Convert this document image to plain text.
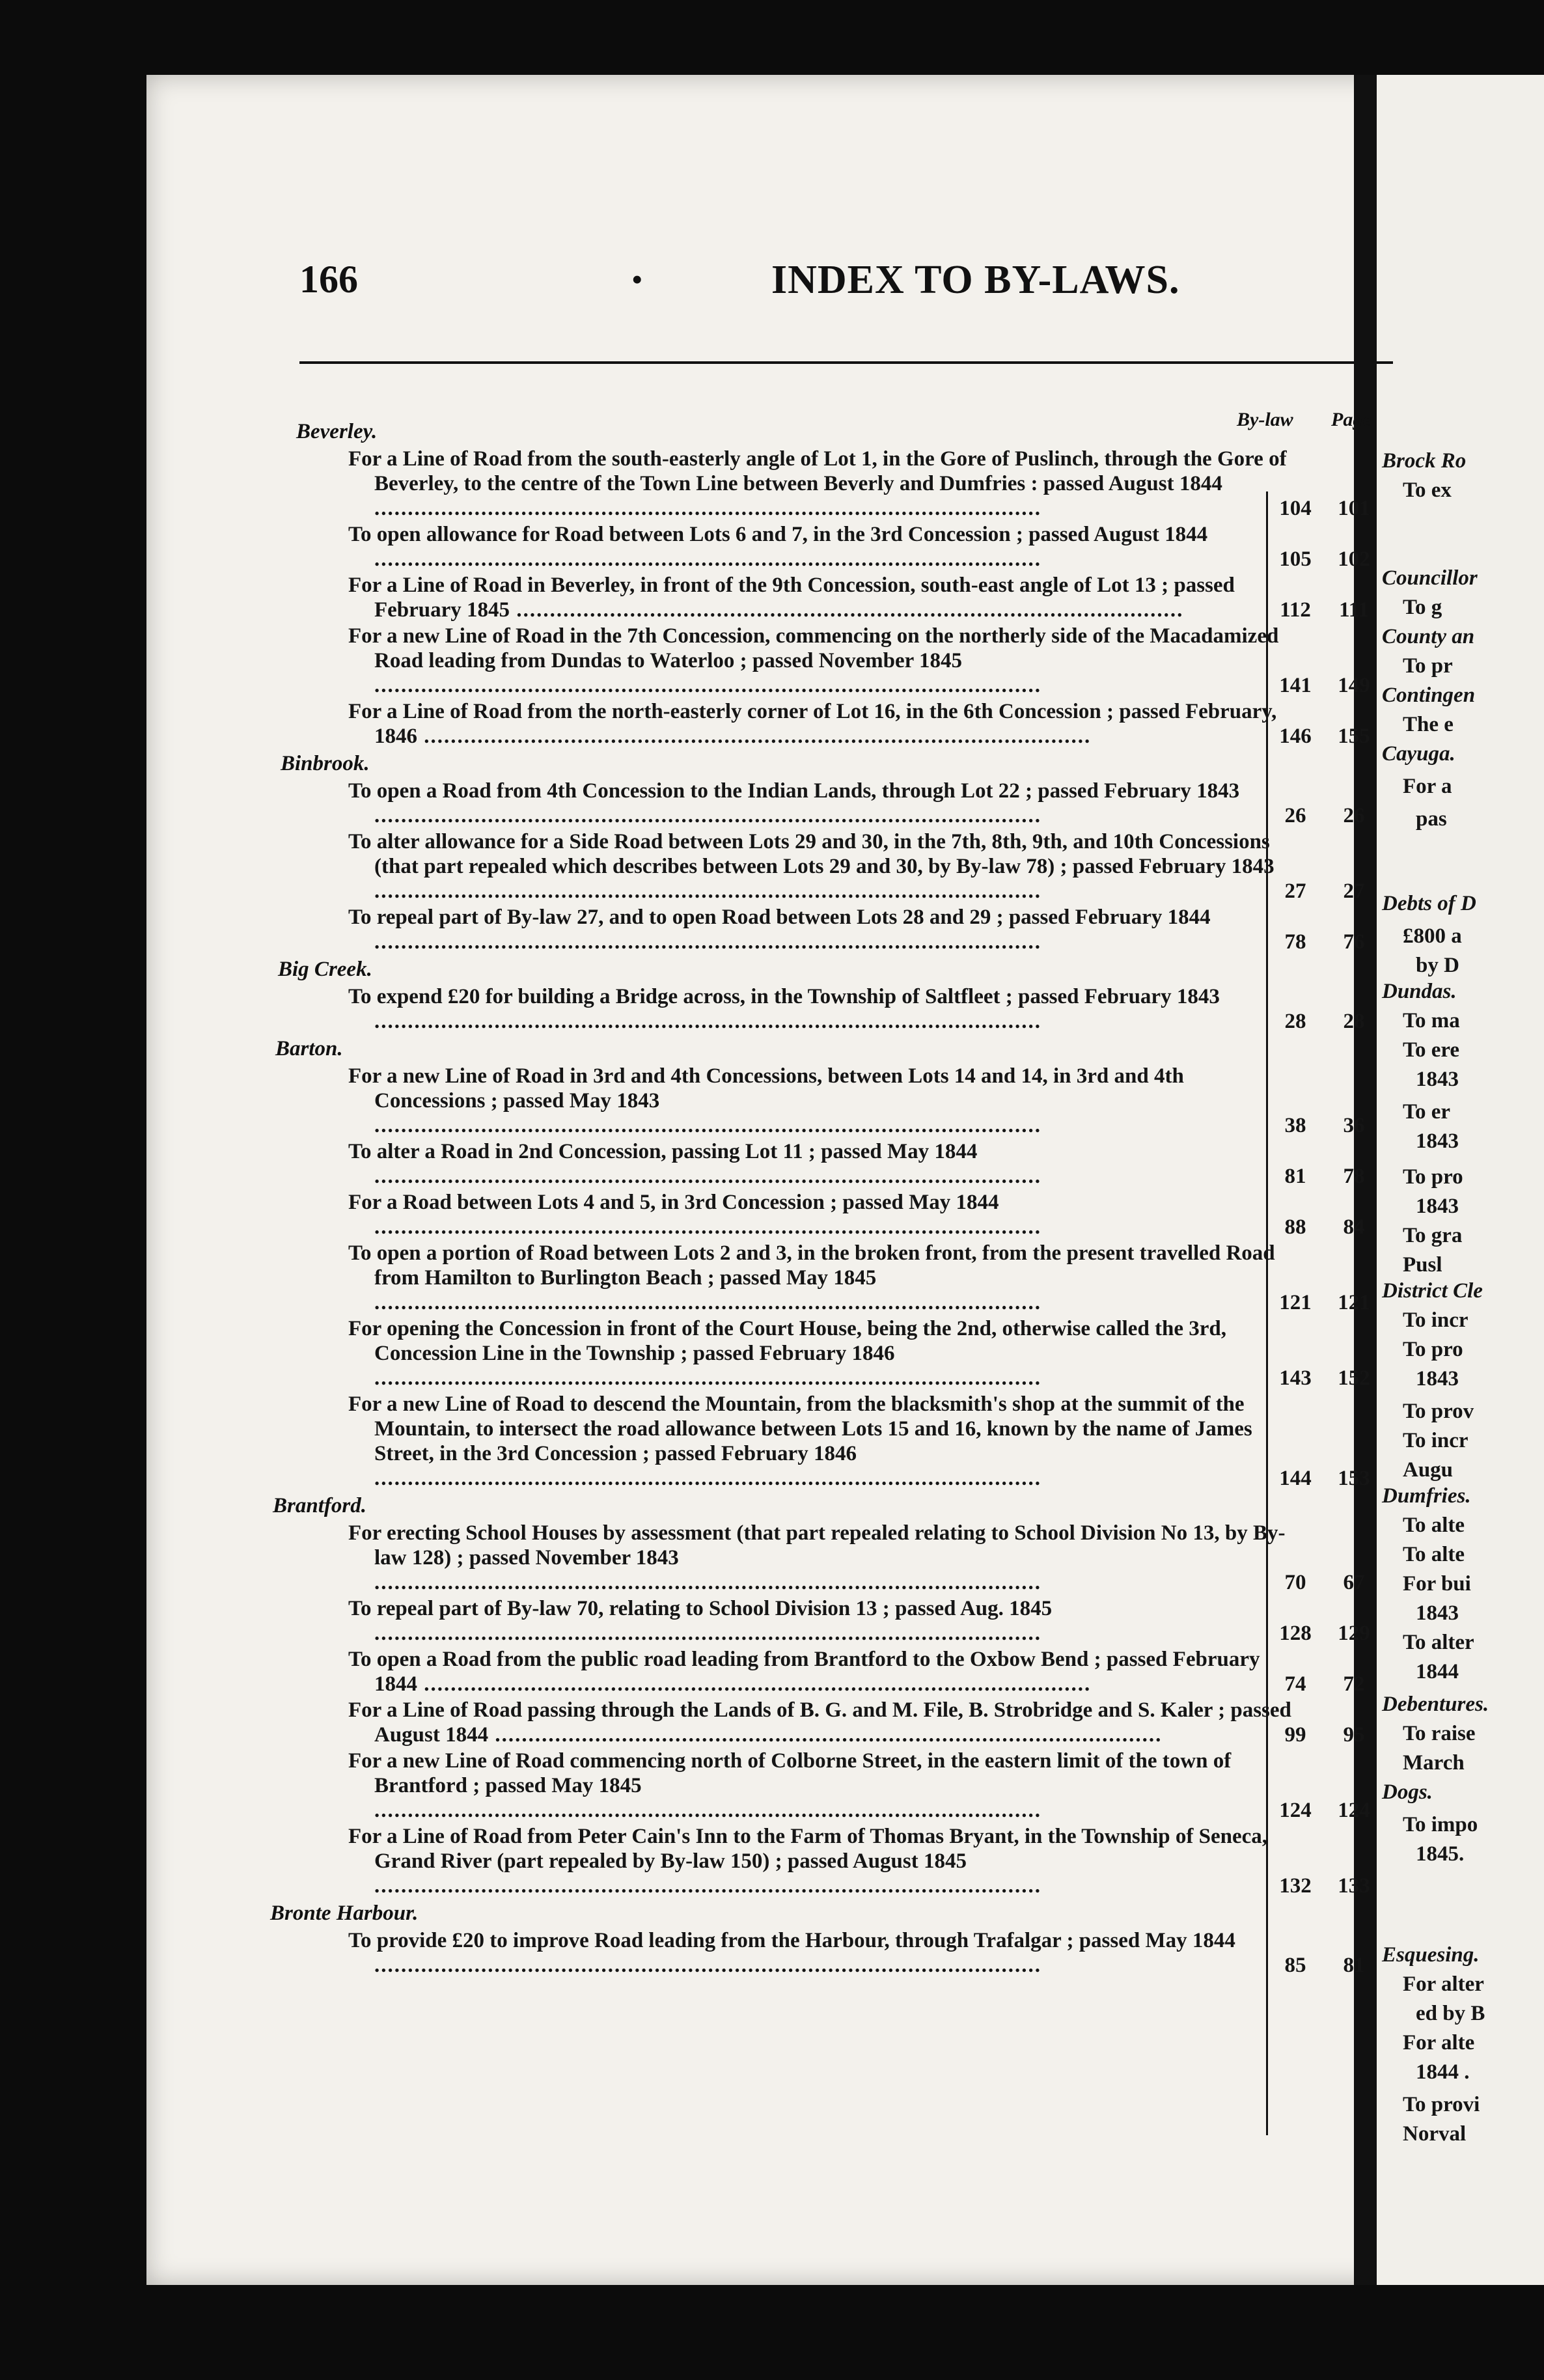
Brock Ro
To ex
Councillor
To g
County an
To pr
Contingen
The e
Cayuga.
For a
pas
Debts of D
£800 a
by D
Dundas.
To ma
To ere
1843
To er
1843
To pro
1843
To gra
Pusl
District Cle
To incr
To pro
1843
To prov
To incr
Augu
Dumfries.
To alte
To alte
For bui
1843
To alter
1844
Debentures.
To raise
March
Dogs.
To impo
1845.
Esquesing.
For alter
ed by B
For alte
1844 .
To provi
Norval
166	•	INDEX TO BY-LAWS.
By-law Page
Beverley.
For a Line of Road from the south-easterly angle of Lot 1, in the Gore of Puslinch, through the Gore of Beverley, to the centre of the Town Line between Beverly and Dumfries : passed August 1844 .....
104	101
To open allowance for Road between Lots 6 and 7, in the 3rd Concession ; passed August 1844 .....
105	102
For a Line of Road in Beverley, in front of the 9th Concession, south-east angle of Lot 13 ; passed February 1845 .....	112	111
For a new Line of Road in the 7th Concession, commencing on the northerly side of the Macadamized Road leading from Dundas to Waterloo ; passed November 1845 .....
141	149
For a Line of Road from the north-easterly corner of Lot 16, in the 6th Concession ; passed February, 1846 .....	146	155
Binbrook.
To open a Road from 4th Concession to the Indian Lands, through Lot 22 ; passed February 1843 .....
26	26
To alter allowance for a Side Road between Lots 29 and 30, in the 7th, 8th, 9th, and 10th Concessions (that part repealed which describes between Lots 29 and 30, by By-law 78) ; passed February 1843 .....
27	27
To repeal part of By-law 27, and to open Road between Lots 28 and 29 ; passed February 1844 .....
78	76
Big Creek.
To expend £20 for building a Bridge across, in the Township of Saltfleet ; passed February 1843 .....
28	28
Barton.
For a new Line of Road in 3rd and 4th Concessions, between Lots 14 and 14, in 3rd and 4th Concessions ; passed May 1843 .....
38	36
To alter a Road in 2nd Concession, passing Lot 11 ; passed May 1844 .....
81	78
For a Road between Lots 4 and 5, in 3rd Concession ; passed May 1844 .....
88	84
To open a portion of Road between Lots 2 and 3, in the broken front, from the present travelled Road from Hamilton to Burlington Beach ; passed May 1845 .....
121	121
For opening the Concession in front of the Court House, being the 2nd, otherwise called the 3rd, Concession Line in the Township ; passed February 1846 .....
143	152
For a new Line of Road to descend the Mountain, from the blacksmith's shop at the summit of the Mountain, to intersect the road allowance between Lots 15 and 16, known by the name of James Street, in the 3rd Concession ; passed February 1846 .....
144	153
Brantford.
For erecting School Houses by assessment (that part repealed relating to School Division No 13, by By-law 128) ; passed November 1843 .....
70	67
To repeal part of By-law 70, relating to School Division 13 ; passed Aug. 1845 .....
128	129
To open a Road from the public road leading from Brantford to the Oxbow Bend ; passed February 1844 .....	74	72
For a Line of Road passing through the Lands of B. G. and M. File, B. Strobridge and S. Kaler ; passed August 1844 .....	99	95
For a new Line of Road commencing north of Colborne Street, in the eastern limit of the town of Brantford ; passed May 1845 .....
124	124
For a Line of Road from Peter Cain's Inn to the Farm of Thomas Bryant, in the Township of Seneca, Grand River (part repealed by By-law 150) ; passed August 1845 .....
132	133
Bronte Harbour.
To provide £20 to improve Road leading from the Harbour, through Trafalgar ; passed May 1844 .....
85	81
